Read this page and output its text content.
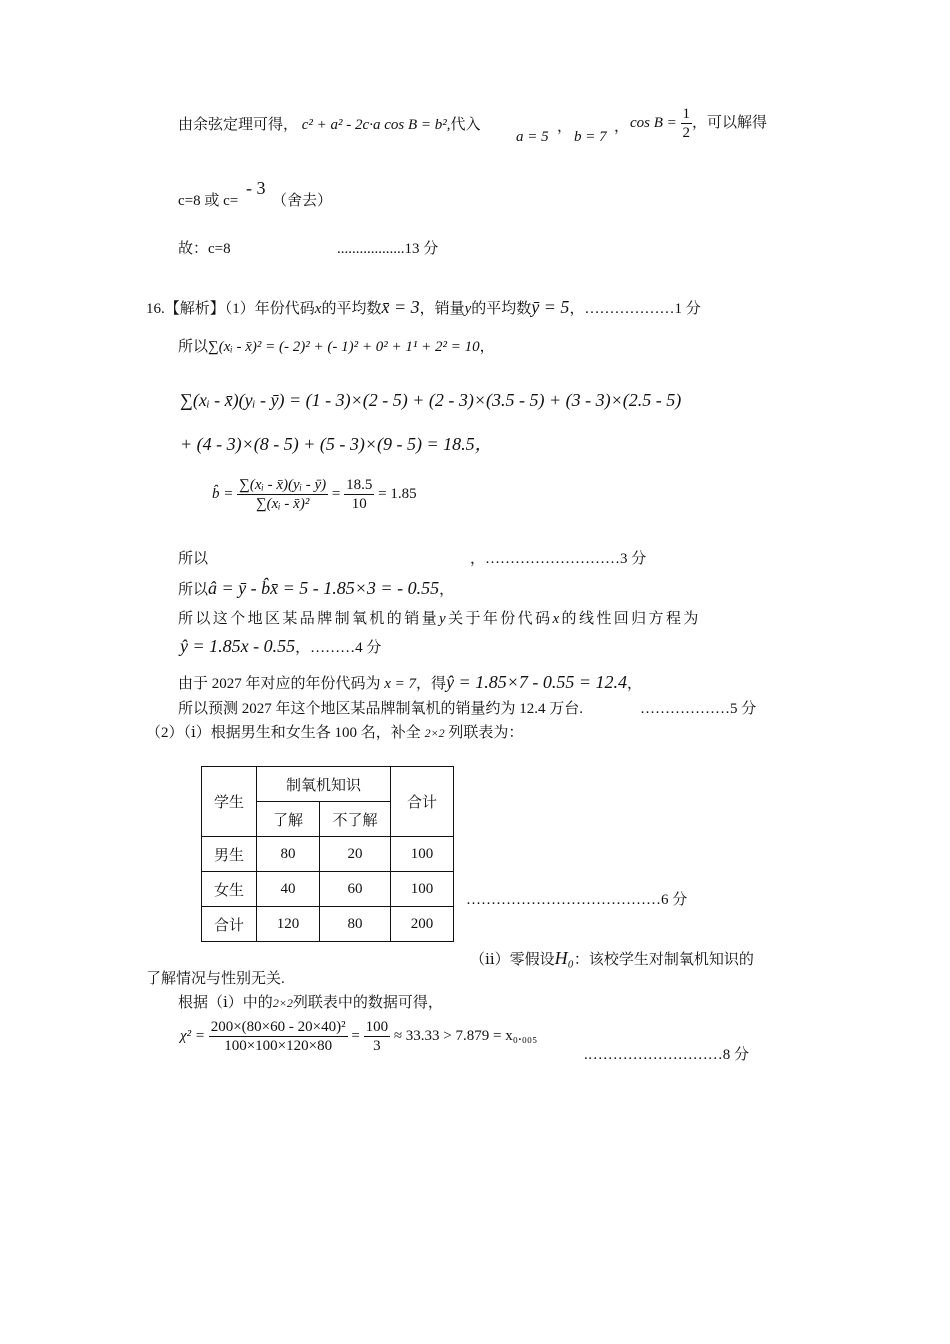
由余弦定理可得， c² + a² - 2c·a cos B = b²,代入
a = 5
，
b = 7
， $\cos B = \frac{1}{2}$ ，可以解得
c=8 或 c=
- 3
（舍去）
故：c=8	..................13 分
16.【解析】（1）年份代码x的平均数x̄ = 3，销量y的平均数ȳ = 5，………………1 分
所以∑(xᵢ - x̄)² = (- 2)² + (- 1)² + 0² + 1¹ + 2² = 10，
∑(xᵢ - x̄)(yᵢ - ȳ) = (1 - 3)×(2 - 5) + (2 - 3)×(3.5 - 5) + (3 - 3)×(2.5 - 5)
+ (4 - 3)×(8 - 5) + (5 - 3)×(9 - 5) = 18.5，
b̂ = $\frac{\text{∑(xᵢ - x̄)(yᵢ - ȳ)}}{\text{∑(xᵢ - x̄)²}} = \frac{18.5}{10} = 1.85$
所以	，………………………3 分
所以â = ȳ - b̂x̄ = 5 - 1.85×3 = - 0.55，
所以这个地区某品牌制氧机的销量y关于年份代码x的线性回归方程为
ŷ = 1.85x - 0.55，………4 分
由于 2027 年对应的年份代码为 x = 7，得ŷ = 1.85×7 - 0.55 = 12.4，
所以预测 2027 年这个地区某品牌制氧机的销量约为 12.4 万台.	………………5 分
（2）（ⅰ）根据男生和女生各 100 名，补全 2×2 列联表为：
学生	制氧机知识		合计
	了解	不了解	
男生	80	20	100
女生	40	60	100
合计	120	80	200
…………………………………6 分
（ⅱ）零假设H₀：该校学生对制氧机知识的
了解情况与性别无关.
根据（ⅰ）中的2×2列联表中的数据可得，
$\chi^2 = \frac{\text{200×(80×60 - 20×40)²}}{100\times 100\times 120\times 80} = \frac{100}{3} \approx 33.33 > 7.879 = x_0._{005}$
.………………………8 分
